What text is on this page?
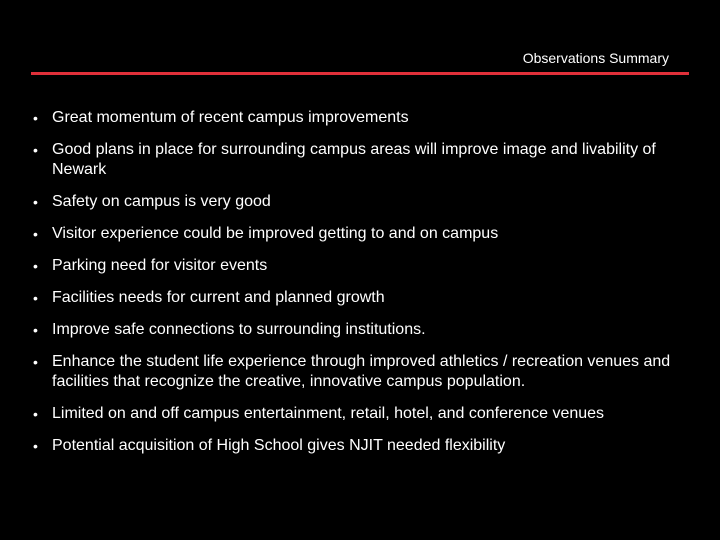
Observations Summary
• Great momentum of recent campus improvements
• Good plans in place for surrounding campus areas will improve image and livability of Newark
• Safety on campus is very good
• Visitor experience could be improved getting to and on campus
• Parking need for visitor events
• Facilities needs for current and planned growth
• Improve safe connections to surrounding institutions.
• Enhance the student life experience through improved athletics / recreation venues and facilities that recognize the creative, innovative campus population.
• Limited on and off campus entertainment, retail, hotel, and conference venues
• Potential acquisition of High School gives NJIT needed flexibility
